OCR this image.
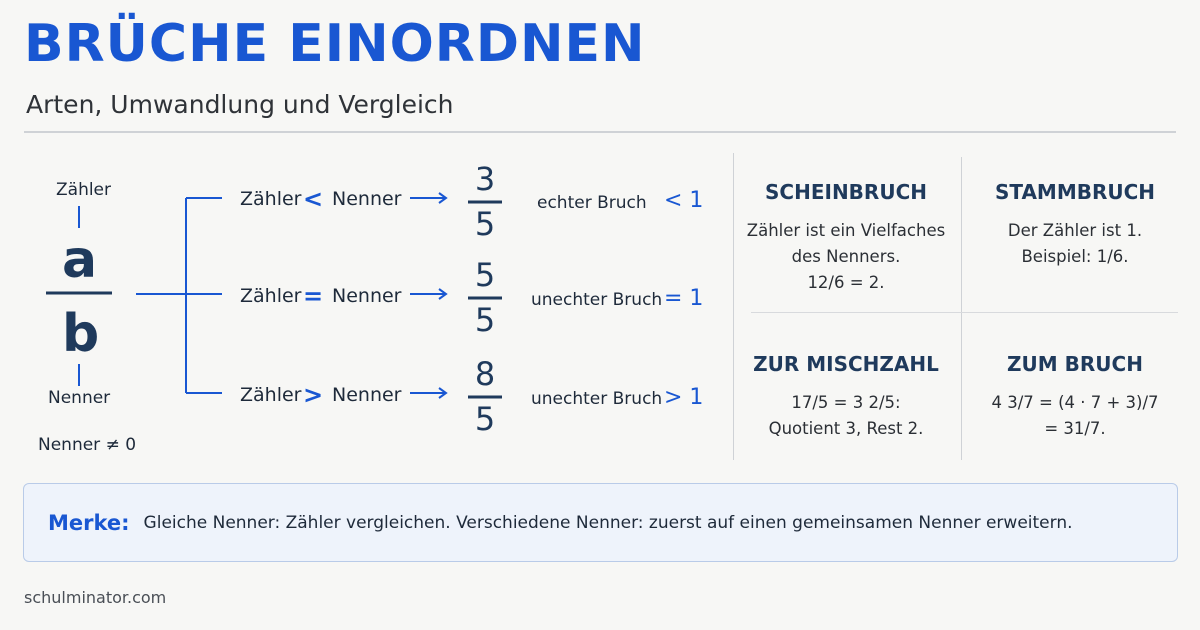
BRÜCHE EINORDNEN
Arten, Umwandlung und Vergleich
Zähler
a
b
Nenner
Nenner ≠ 0
Zähler < Nenner
3
5
echter Bruch < 1
Zähler = Nenner
5
5
unechter Bruch = 1
Zähler > Nenner
8
5
unechter Bruch > 1
SCHEINBRUCH
Zähler ist ein Vielfaches
des Nenners.
12/6 = 2.
STAMMBRUCH
Der Zähler ist 1.
Beispiel: 1/6.
ZUR MISCHZAHL
17/5 = 3 2/5:
Quotient 3, Rest 2.
ZUM BRUCH
4 3/7 = (4 · 7 + 3)/7
= 31/7.
Merke: Gleiche Nenner: Zähler vergleichen. Verschiedene Nenner: zuerst auf einen gemeinsamen Nenner erweitern.
schulminator.com
